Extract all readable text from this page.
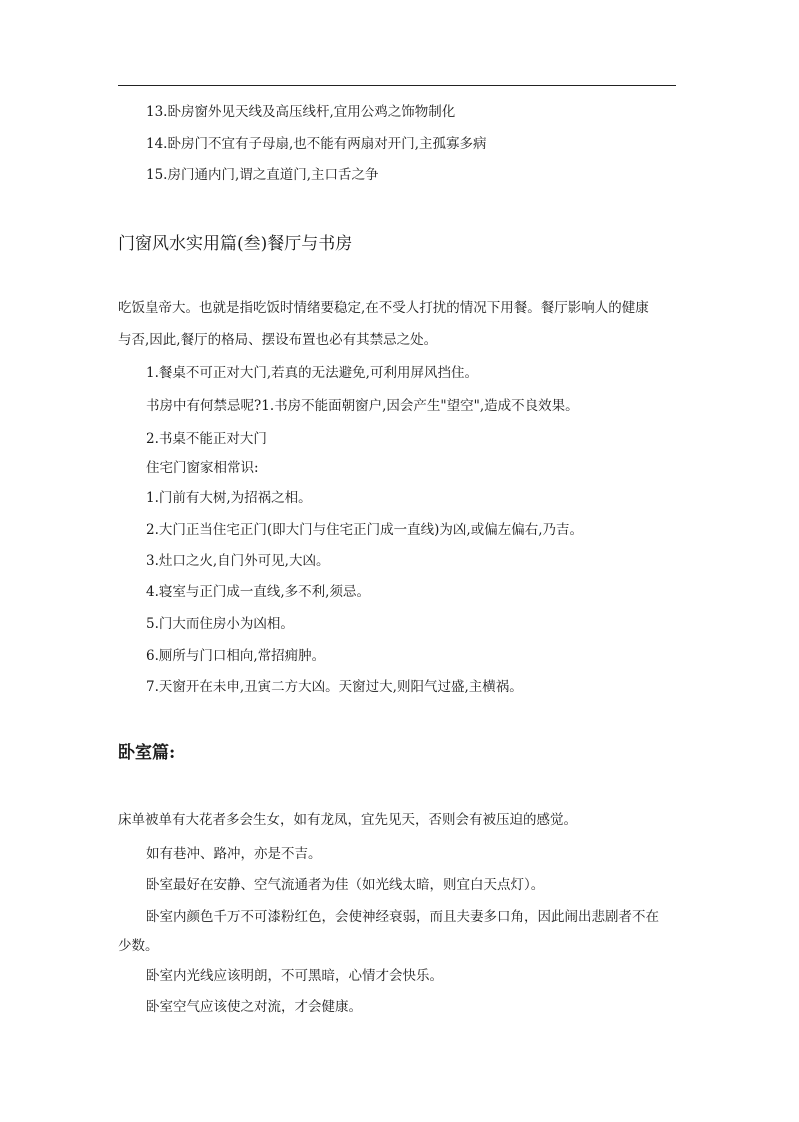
13.卧房窗外见天线及高压线杆,宜用公鸡之饰物制化
14.卧房门不宜有子母扇,也不能有两扇对开门,主孤寡多病
15.房门通内门,谓之直道门,主口舌之争
门窗风水实用篇(叁)餐厅与书房
吃饭皇帝大。也就是指吃饭时情绪要稳定,在不受人打扰的情况下用餐。餐厅影响人的健康
与否,因此,餐厅的格局、摆设布置也必有其禁忌之处。
1.餐桌不可正对大门,若真的无法避免,可利用屏风挡住。
书房中有何禁忌呢?1.书房不能面朝窗户,因会产生"望空",造成不良效果。
2.书桌不能正对大门
住宅门窗家相常识:
1.门前有大树,为招祸之相。
2.大门正当住宅正门(即大门与住宅正门成一直线)为凶,或偏左偏右,乃吉。
3.灶口之火,自门外可见,大凶。
4.寝室与正门成一直线,多不利,须忌。
5.门大而住房小为凶相。
6.厕所与门口相向,常招痈肿。
7.天窗开在未申,丑寅二方大凶。天窗过大,则阳气过盛,主横祸。
卧室篇:
床单被单有大花者多会生女，如有龙凤，宜先见天，否则会有被压迫的感觉。
如有巷冲、路冲，亦是不吉。
卧室最好在安静、空气流通者为佳（如光线太暗，则宜白天点灯）。
卧室内颜色千万不可漆粉红色，会使神经衰弱，而且夫妻多口角，因此闹出悲剧者不在
少数。
卧室内光线应该明朗，不可黑暗，心情才会快乐。
卧室空气应该使之对流，才会健康。
